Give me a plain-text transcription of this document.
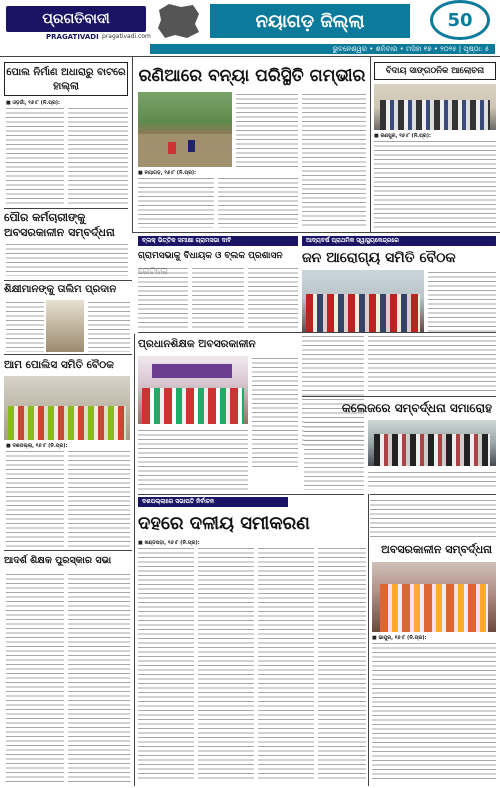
ପ୍ରଗତିବାଦୀ
PRAGATIVADI pragativadi.com
ନୟାଗଡ଼ ଜିଲ୍ଲା	50
ଭୁବନେଶ୍ୱର • ଶନିବାର • ମସିହା ୧୭ • ୨୦୨୫ | ପୃଷ୍ଠା: ୫
ପୋଲ ନିର୍ମାଣ ଅଧାରାରୁ ବାଟରେ ହାଲ୍ଲା
■ ଓଡ଼ଗାଁ, ୧୬।୮ (ନି.ପ୍ର):
ରଣିଆରେ ବନ୍ୟା ପରିସ୍ଥିତି ଗମ୍ଭୀର
■ ନୟାଗଡ଼, ୧୬।୮ (ନି.ପ୍ର):
ବିଦାୟ ସାଙ୍ଗଠନିକ ଆଲୋଚନା
■ ରଣପୁର, ୧୬।୮ (ନି.ପ୍ର):
ପୌର କର୍ମଚାରୀଙ୍କୁ ଅବସରକାଳୀନ ସମ୍ବର୍ଦ୍ଧନା
ବ୍ଲକ୍ ଭିତ୍ତିକ ସମୀକ୍ଷା ଗ୍ରାମସଭା ଦାବି
ଗ୍ରାମସଭାକୁ ବିଧାୟକ ଓ ବ୍ଲକ ପ୍ରଶାସନ
ଆଦ୍ୟବର୍ଷ ପ୍ରାଥମିକ ସ୍ୱାସ୍ଥ୍ୟକେନ୍ଦ୍ରରେ
ଜନ ଆରୋଗ୍ୟ ସମିତି ବୈଠକ
ଶିକ୍ଷୀମାନଙ୍କୁ ତାଲିମ ପ୍ରଦାନ
ପ୍ରଧାନଶିକ୍ଷକ ଅବସରକାଳୀନ
ଆମ ପୋଲିସ ସମିତି ବୈଠକ
■ ଦଶପଲ୍ଲା, ୧୬।୮ (ନି.ପ୍ର):
କଲେଜରେ ସମ୍ବର୍ଦ୍ଧନା ସମାରୋହ
ଦଶପଲ୍ଲାରେ ସଭାପତି ନିର୍ବାଚନ
ଦହରେ ଦଳୀୟ ସମୀକରଣ
■ ଖଣ୍ଡପଡ଼ା, ୧୬।୮ (ନି.ପ୍ର):	ଅବସରକାଳୀନ ସମ୍ବର୍ଦ୍ଧନା
■ ଭାପୁର, ୧୬।୮ (ନି.ପ୍ର):
ଆଦର୍ଶ ଶିକ୍ଷକ ପୁରସ୍କାର ସଭା
